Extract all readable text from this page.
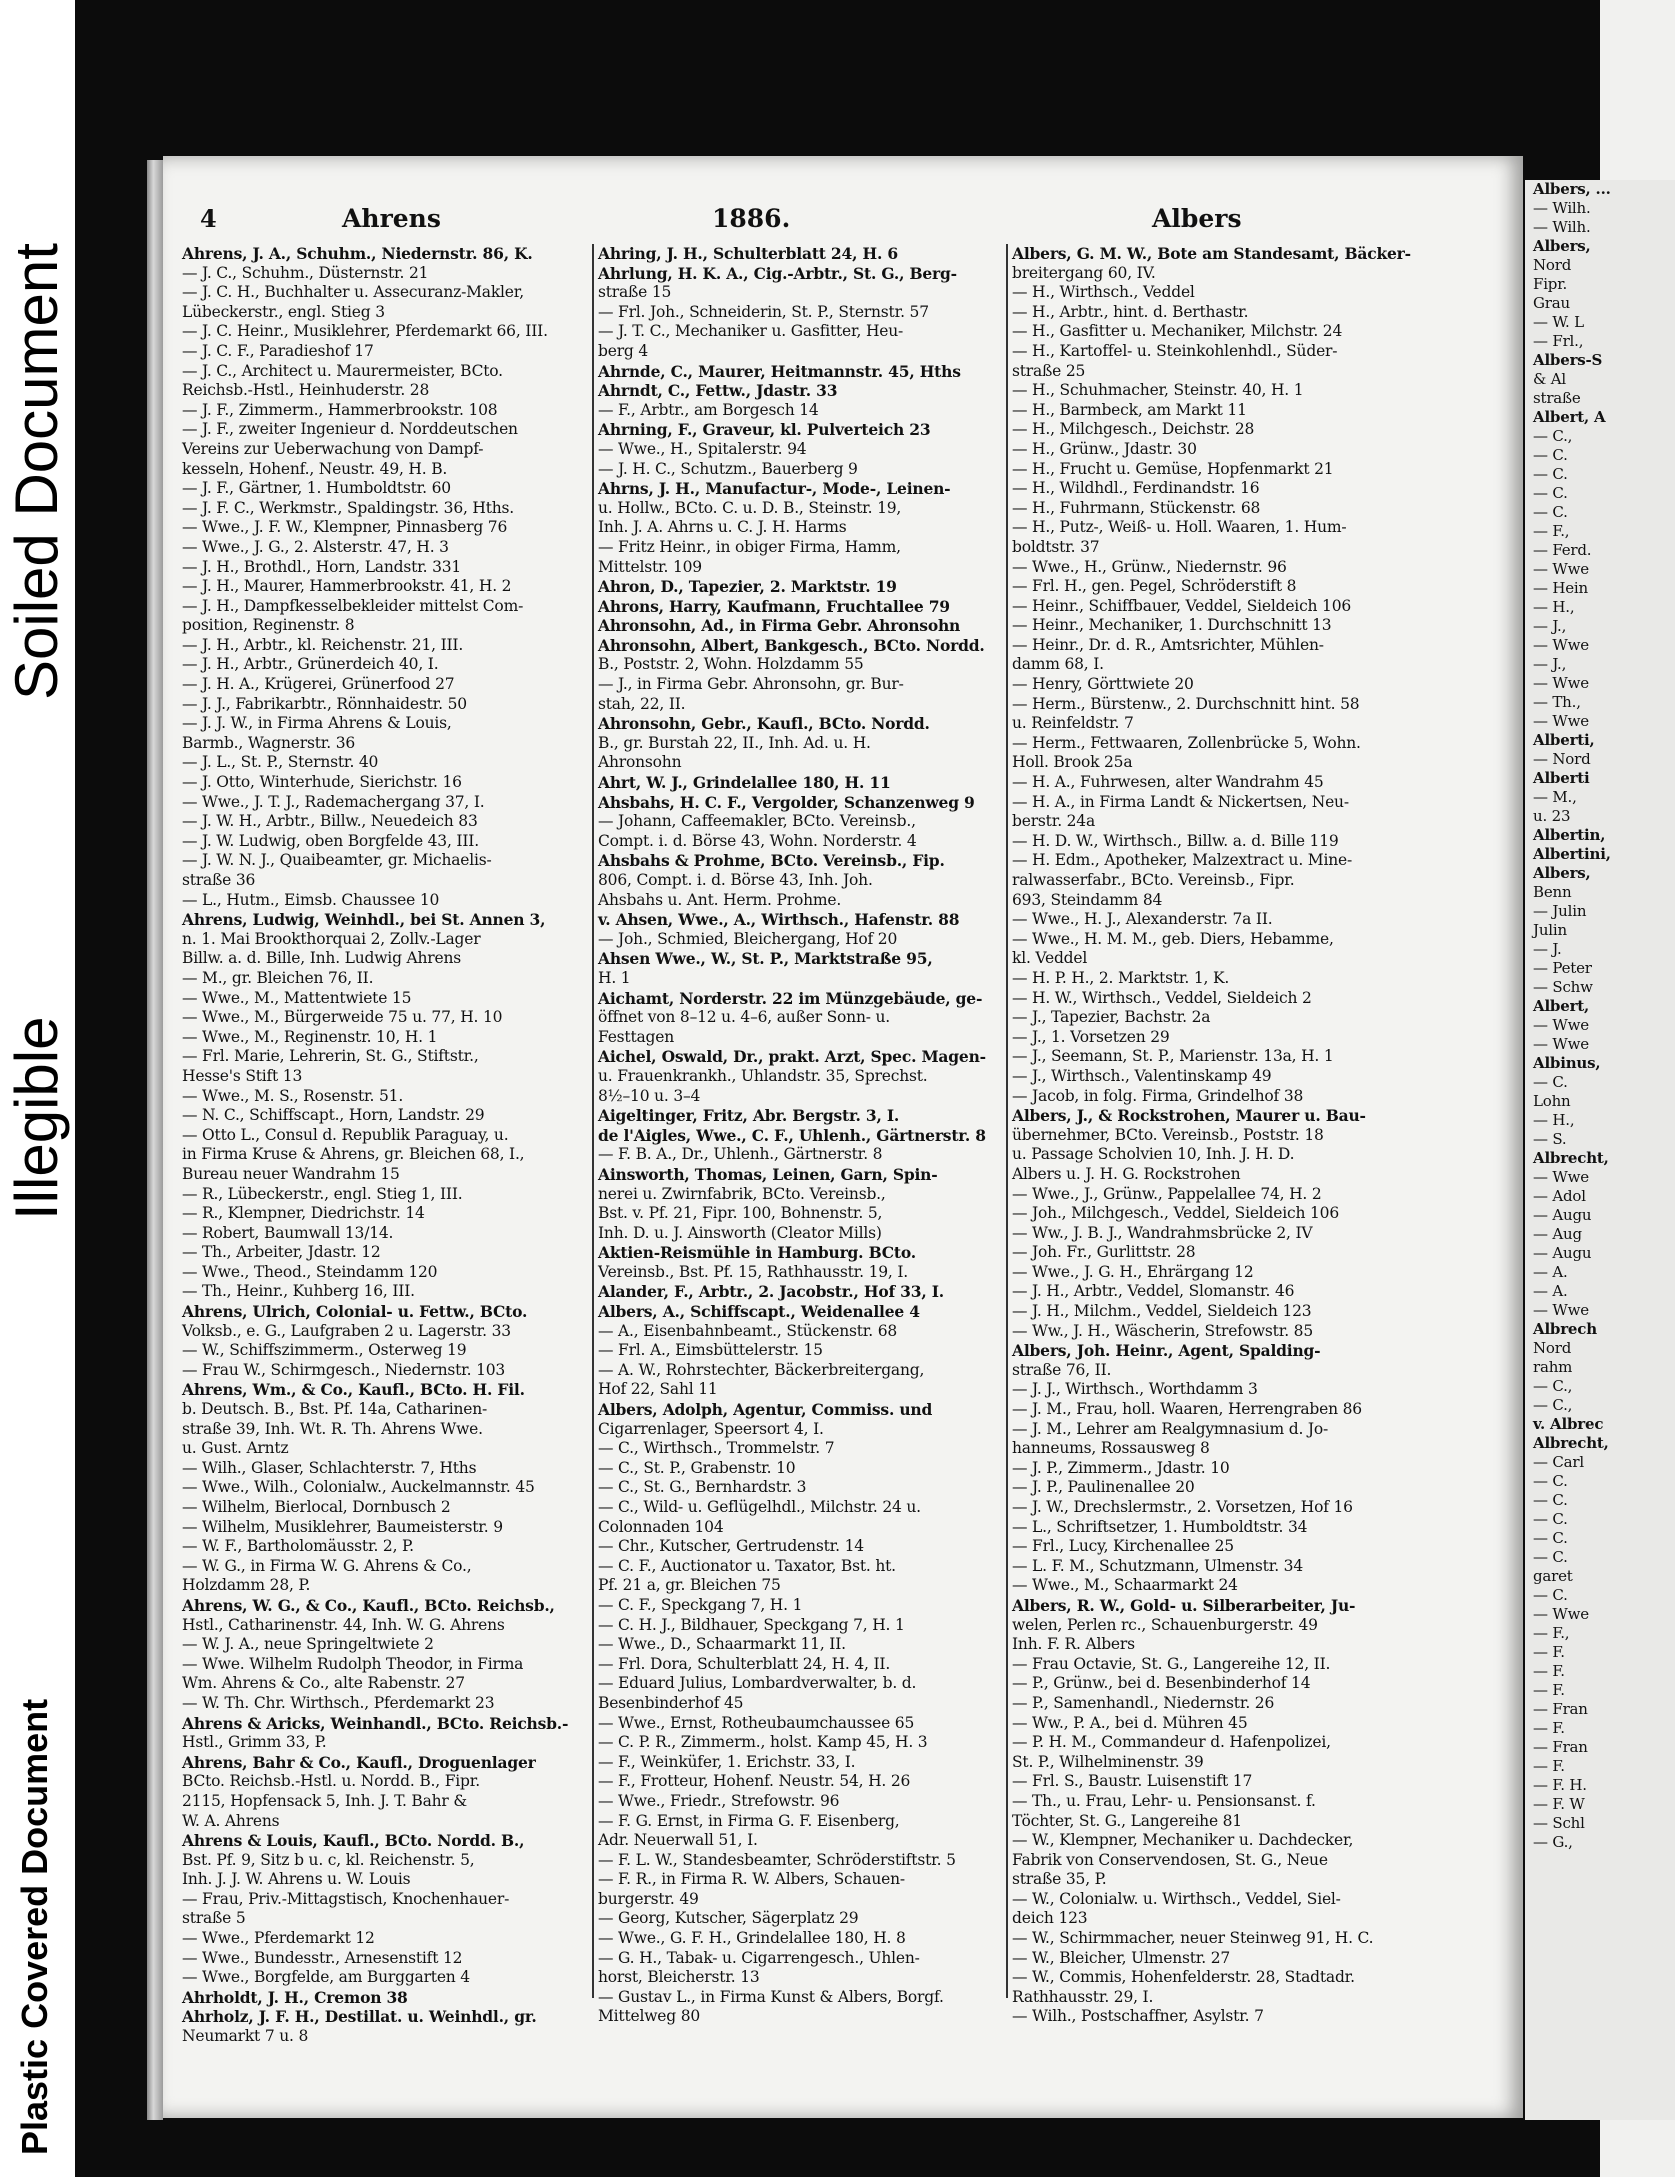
Soiled Document
Illegible
Plastic Covered Document
Albers, ...
— Wilh.
— Wilh.
Albers,
Nord
Fipr.
Grau
— W. L
— Frl.,
Albers-S
& Al
straße
Albert, A
— C.,
— C.
— C.
— C.
— C.
— F.,
— Ferd.
— Wwe
— Hein
— H.,
— J.,
— Wwe
— J.,
— Wwe
— Th.,
— Wwe
Alberti,
— Nord
Alberti
— M.,
u. 23
Albertin,
Albertini,
Albers,
Benn
— Julin
Julin
— J.
— Peter
— Schw
Albert,
— Wwe
— Wwe
Albinus,
— C.
Lohn
— H.,
— S.
Albrecht,
— Wwe
— Adol
— Augu
— Aug
— Augu
— A.
— A.
— Wwe
Albrech
Nord
rahm
— C.,
— C.,
v. Albrec
Albrecht,
— Carl
— C.
— C.
— C.
— C.
— C.
garet
— C.
— Wwe
— F.,
— F.
— F.
— F.
— Fran
— F.
— Fran
— F.
— F. H.
— F. W
— Schl
— G.,
4	Ahrens	1886.	Albers
Ahrens, J. A., Schuhm., Niedernstr. 86, K.
— J. C., Schuhm., Düsternstr. 21
— J. C. H., Buchhalter u. Assecuranz-Makler,
Lübeckerstr., engl. Stieg 3
— J. C. Heinr., Musiklehrer, Pferdemarkt 66, III.
— J. C. F., Paradieshof 17
— J. C., Architect u. Maurermeister, BCto.
Reichsb.-Hstl., Heinhuderstr. 28
— J. F., Zimmerm., Hammerbrookstr. 108
— J. F., zweiter Ingenieur d. Norddeutschen
Vereins zur Ueberwachung von Dampf-
kesseln, Hohenf., Neustr. 49, H. B.
— J. F., Gärtner, 1. Humboldtstr. 60
— J. F. C., Werkmstr., Spaldingstr. 36, Hths.
— Wwe., J. F. W., Klempner, Pinnasberg 76
— Wwe., J. G., 2. Alsterstr. 47, H. 3
— J. H., Brothdl., Horn, Landstr. 331
— J. H., Maurer, Hammerbrookstr. 41, H. 2
— J. H., Dampfkesselbekleider mittelst Com-
position, Reginenstr. 8
— J. H., Arbtr., kl. Reichenstr. 21, III.
— J. H., Arbtr., Grünerdeich 40, I.
— J. H. A., Krügerei, Grünerfood 27
— J. J., Fabrikarbtr., Rönnhaidestr. 50
— J. J. W., in Firma Ahrens & Louis,
Barmb., Wagnerstr. 36
— J. L., St. P., Sternstr. 40
— J. Otto, Winterhude, Sierichstr. 16
— Wwe., J. T. J., Rademachergang 37, I.
— J. W. H., Arbtr., Billw., Neuedeich 83
— J. W. Ludwig, oben Borgfelde 43, III.
— J. W. N. J., Quaibeamter, gr. Michaelis-
straße 36
— L., Hutm., Eimsb. Chaussee 10
Ahrens, Ludwig, Weinhdl., bei St. Annen 3,
n. 1. Mai Brookthorquai 2, Zollv.-Lager
Billw. a. d. Bille, Inh. Ludwig Ahrens
— M., gr. Bleichen 76, II.
— Wwe., M., Mattentwiete 15
— Wwe., M., Bürgerweide 75 u. 77, H. 10
— Wwe., M., Reginenstr. 10, H. 1
— Frl. Marie, Lehrerin, St. G., Stiftstr.,
Hesse's Stift 13
— Wwe., M. S., Rosenstr. 51.
— N. C., Schiffscapt., Horn, Landstr. 29
— Otto L., Consul d. Republik Paraguay, u.
in Firma Kruse & Ahrens, gr. Bleichen 68, I.,
Bureau neuer Wandrahm 15
— R., Lübeckerstr., engl. Stieg 1, III.
— R., Klempner, Diedrichstr. 14
— Robert, Baumwall 13/14.
— Th., Arbeiter, Jdastr. 12
— Wwe., Theod., Steindamm 120
— Th., Heinr., Kuhberg 16, III.
Ahrens, Ulrich, Colonial- u. Fettw., BCto.
Volksb., e. G., Laufgraben 2 u. Lagerstr. 33
— W., Schiffszimmerm., Osterweg 19
— Frau W., Schirmgesch., Niedernstr. 103
Ahrens, Wm., & Co., Kaufl., BCto. H. Fil.
b. Deutsch. B., Bst. Pf. 14a, Catharinen-
straße 39, Inh. Wt. R. Th. Ahrens Wwe.
u. Gust. Arntz
— Wilh., Glaser, Schlachterstr. 7, Hths
— Wwe., Wilh., Colonialw., Auckelmannstr. 45
— Wilhelm, Bierlocal, Dornbusch 2
— Wilhelm, Musiklehrer, Baumeisterstr. 9
— W. F., Bartholomäusstr. 2, P.
— W. G., in Firma W. G. Ahrens & Co.,
Holzdamm 28, P.
Ahrens, W. G., & Co., Kaufl., BCto. Reichsb.,
Hstl., Catharinenstr. 44, Inh. W. G. Ahrens
— W. J. A., neue Springeltwiete 2
— Wwe. Wilhelm Rudolph Theodor, in Firma
Wm. Ahrens & Co., alte Rabenstr. 27
— W. Th. Chr. Wirthsch., Pferdemarkt 23
Ahrens & Aricks, Weinhandl., BCto. Reichsb.-
Hstl., Grimm 33, P.
Ahrens, Bahr & Co., Kaufl., Droguenlager
BCto. Reichsb.-Hstl. u. Nordd. B., Fipr.
2115, Hopfensack 5, Inh. J. T. Bahr &
W. A. Ahrens
Ahrens & Louis, Kaufl., BCto. Nordd. B.,
Bst. Pf. 9, Sitz b u. c, kl. Reichenstr. 5,
Inh. J. J. W. Ahrens u. W. Louis
— Frau, Priv.-Mittagstisch, Knochenhauer-
straße 5
— Wwe., Pferdemarkt 12
— Wwe., Bundesstr., Arnesenstift 12
— Wwe., Borgfelde, am Burggarten 4
Ahrholdt, J. H., Cremon 38
Ahrholz, J. F. H., Destillat. u. Weinhdl., gr.
Neumarkt 7 u. 8
Ahring, J. H., Schulterblatt 24, H. 6
Ahrlung, H. K. A., Cig.-Arbtr., St. G., Berg-
straße 15
— Frl. Joh., Schneiderin, St. P., Sternstr. 57
— J. T. C., Mechaniker u. Gasfitter, Heu-
berg 4
Ahrnde, C., Maurer, Heitmannstr. 45, Hths
Ahrndt, C., Fettw., Jdastr. 33
— F., Arbtr., am Borgesch 14
Ahrning, F., Graveur, kl. Pulverteich 23
— Wwe., H., Spitalerstr. 94
— J. H. C., Schutzm., Bauerberg 9
Ahrns, J. H., Manufactur-, Mode-, Leinen-
u. Hollw., BCto. C. u. D. B., Steinstr. 19,
Inh. J. A. Ahrns u. C. J. H. Harms
— Fritz Heinr., in obiger Firma, Hamm,
Mittelstr. 109
Ahron, D., Tapezier, 2. Marktstr. 19
Ahrons, Harry, Kaufmann, Fruchtallee 79
Ahronsohn, Ad., in Firma Gebr. Ahronsohn
Ahronsohn, Albert, Bankgesch., BCto. Nordd.
B., Poststr. 2, Wohn. Holzdamm 55
— J., in Firma Gebr. Ahronsohn, gr. Bur-
stah, 22, II.
Ahronsohn, Gebr., Kaufl., BCto. Nordd.
B., gr. Burstah 22, II., Inh. Ad. u. H.
Ahronsohn
Ahrt, W. J., Grindelallee 180, H. 11
Ahsbahs, H. C. F., Vergolder, Schanzenweg 9
— Johann, Caffeemakler, BCto. Vereinsb.,
Compt. i. d. Börse 43, Wohn. Norderstr. 4
Ahsbahs & Prohme, BCto. Vereinsb., Fip.
806, Compt. i. d. Börse 43, Inh. Joh.
Ahsbahs u. Ant. Herm. Prohme.
v. Ahsen, Wwe., A., Wirthsch., Hafenstr. 88
— Joh., Schmied, Bleichergang, Hof 20
Ahsen Wwe., W., St. P., Marktstraße 95,
H. 1
Aichamt, Norderstr. 22 im Münzgebäude, ge-
öffnet von 8–12 u. 4–6, außer Sonn- u.
Festtagen
Aichel, Oswald, Dr., prakt. Arzt, Spec. Magen-
u. Frauenkrankh., Uhlandstr. 35, Sprechst.
8½–10 u. 3–4
Aigeltinger, Fritz, Abr. Bergstr. 3, I.
de l'Aigles, Wwe., C. F., Uhlenh., Gärtnerstr. 8
— F. B. A., Dr., Uhlenh., Gärtnerstr. 8
Ainsworth, Thomas, Leinen, Garn, Spin-
nerei u. Zwirnfabrik, BCto. Vereinsb.,
Bst. v. Pf. 21, Fipr. 100, Bohnenstr. 5,
Inh. D. u. J. Ainsworth (Cleator Mills)
Aktien-Reismühle in Hamburg. BCto.
Vereinsb., Bst. Pf. 15, Rathhausstr. 19, I.
Alander, F., Arbtr., 2. Jacobstr., Hof 33, I.
Albers, A., Schiffscapt., Weidenallee 4
— A., Eisenbahnbeamt., Stückenstr. 68
— Frl. A., Eimsbüttelerstr. 15
— A. W., Rohrstechter, Bäckerbreitergang,
Hof 22, Sahl 11
Albers, Adolph, Agentur, Commiss. und
Cigarrenlager, Speersort 4, I.
— C., Wirthsch., Trommelstr. 7
— C., St. P., Grabenstr. 10
— C., St. G., Bernhardstr. 3
— C., Wild- u. Geflügelhdl., Milchstr. 24 u.
Colonnaden 104
— Chr., Kutscher, Gertrudenstr. 14
— C. F., Auctionator u. Taxator, Bst. ht.
Pf. 21 a, gr. Bleichen 75
— C. F., Speckgang 7, H. 1
— C. H. J., Bildhauer, Speckgang 7, H. 1
— Wwe., D., Schaarmarkt 11, II.
— Frl. Dora, Schulterblatt 24, H. 4, II.
— Eduard Julius, Lombardverwalter, b. d.
Besenbinderhof 45
— Wwe., Ernst, Rotheubaumchaussee 65
— C. P. R., Zimmerm., holst. Kamp 45, H. 3
— F., Weinküfer, 1. Erichstr. 33, I.
— F., Frotteur, Hohenf. Neustr. 54, H. 26
— Wwe., Friedr., Strefowstr. 96
— F. G. Ernst, in Firma G. F. Eisenberg,
Adr. Neuerwall 51, I.
— F. L. W., Standesbeamter, Schröderstiftstr. 5
— F. R., in Firma R. W. Albers, Schauen-
burgerstr. 49
— Georg, Kutscher, Sägerplatz 29
— Wwe., G. F. H., Grindelallee 180, H. 8
— G. H., Tabak- u. Cigarrengesch., Uhlen-
horst, Bleicherstr. 13
— Gustav L., in Firma Kunst & Albers, Borgf.
Mittelweg 80
Albers, G. M. W., Bote am Standesamt, Bäcker-
breitergang 60, IV.
— H., Wirthsch., Veddel
— H., Arbtr., hint. d. Berthastr.
— H., Gasfitter u. Mechaniker, Milchstr. 24
— H., Kartoffel- u. Steinkohlenhdl., Süder-
straße 25
— H., Schuhmacher, Steinstr. 40, H. 1
— H., Barmbeck, am Markt 11
— H., Milchgesch., Deichstr. 28
— H., Grünw., Jdastr. 30
— H., Frucht u. Gemüse, Hopfenmarkt 21
— H., Wildhdl., Ferdinandstr. 16
— H., Fuhrmann, Stückenstr. 68
— H., Putz-, Weiß- u. Holl. Waaren, 1. Hum-
boldtstr. 37
— Wwe., H., Grünw., Niedernstr. 96
— Frl. H., gen. Pegel, Schröderstift 8
— Heinr., Schiffbauer, Veddel, Sieldeich 106
— Heinr., Mechaniker, 1. Durchschnitt 13
— Heinr., Dr. d. R., Amtsrichter, Mühlen-
damm 68, I.
— Henry, Görttwiete 20
— Herm., Bürstenw., 2. Durchschnitt hint. 58
u. Reinfeldstr. 7
— Herm., Fettwaaren, Zollenbrücke 5, Wohn.
Holl. Brook 25a
— H. A., Fuhrwesen, alter Wandrahm 45
— H. A., in Firma Landt & Nickertsen, Neu-
berstr. 24a
— H. D. W., Wirthsch., Billw. a. d. Bille 119
— H. Edm., Apotheker, Malzextract u. Mine-
ralwasserfabr., BCto. Vereinsb., Fipr.
693, Steindamm 84
— Wwe., H. J., Alexanderstr. 7a II.
— Wwe., H. M. M., geb. Diers, Hebamme,
kl. Veddel
— H. P. H., 2. Marktstr. 1, K.
— H. W., Wirthsch., Veddel, Sieldeich 2
— J., Tapezier, Bachstr. 2a
— J., 1. Vorsetzen 29
— J., Seemann, St. P., Marienstr. 13a, H. 1
— J., Wirthsch., Valentinskamp 49
— Jacob, in folg. Firma, Grindelhof 38
Albers, J., & Rockstrohen, Maurer u. Bau-
übernehmer, BCto. Vereinsb., Poststr. 18
u. Passage Scholvien 10, Inh. J. H. D.
Albers u. J. H. G. Rockstrohen
— Wwe., J., Grünw., Pappelallee 74, H. 2
— Joh., Milchgesch., Veddel, Sieldeich 106
— Ww., J. B. J., Wandrahmsbrücke 2, IV
— Joh. Fr., Gurlittstr. 28
— Wwe., J. G. H., Ehrärgang 12
— J. H., Arbtr., Veddel, Slomanstr. 46
— J. H., Milchm., Veddel, Sieldeich 123
— Ww., J. H., Wäscherin, Strefowstr. 85
Albers, Joh. Heinr., Agent, Spalding-
straße 76, II.
— J. J., Wirthsch., Worthdamm 3
— J. M., Frau, holl. Waaren, Herrengraben 86
— J. M., Lehrer am Realgymnasium d. Jo-
hanneums, Rossausweg 8
— J. P., Zimmerm., Jdastr. 10
— J. P., Paulinenallee 20
— J. W., Drechslermstr., 2. Vorsetzen, Hof 16
— L., Schriftsetzer, 1. Humboldtstr. 34
— Frl., Lucy, Kirchenallee 25
— L. F. M., Schutzmann, Ulmenstr. 34
— Wwe., M., Schaarmarkt 24
Albers, R. W., Gold- u. Silberarbeiter, Ju-
welen, Perlen rc., Schauenburgerstr. 49
Inh. F. R. Albers
— Frau Octavie, St. G., Langereihe 12, II.
— P., Grünw., bei d. Besenbinderhof 14
— P., Samenhandl., Niedernstr. 26
— Ww., P. A., bei d. Mühren 45
— P. H. M., Commandeur d. Hafenpolizei,
St. P., Wilhelminenstr. 39
— Frl. S., Baustr. Luisenstift 17
— Th., u. Frau, Lehr- u. Pensionsanst. f.
Töchter, St. G., Langereihe 81
— W., Klempner, Mechaniker u. Dachdecker,
Fabrik von Conservendosen, St. G., Neue
straße 35, P.
— W., Colonialw. u. Wirthsch., Veddel, Siel-
deich 123
— W., Schirmmacher, neuer Steinweg 91, H. C.
— W., Bleicher, Ulmenstr. 27
— W., Commis, Hohenfelderstr. 28, Stadtadr.
Rathhausstr. 29, I.
— Wilh., Postschaffner, Asylstr. 7
